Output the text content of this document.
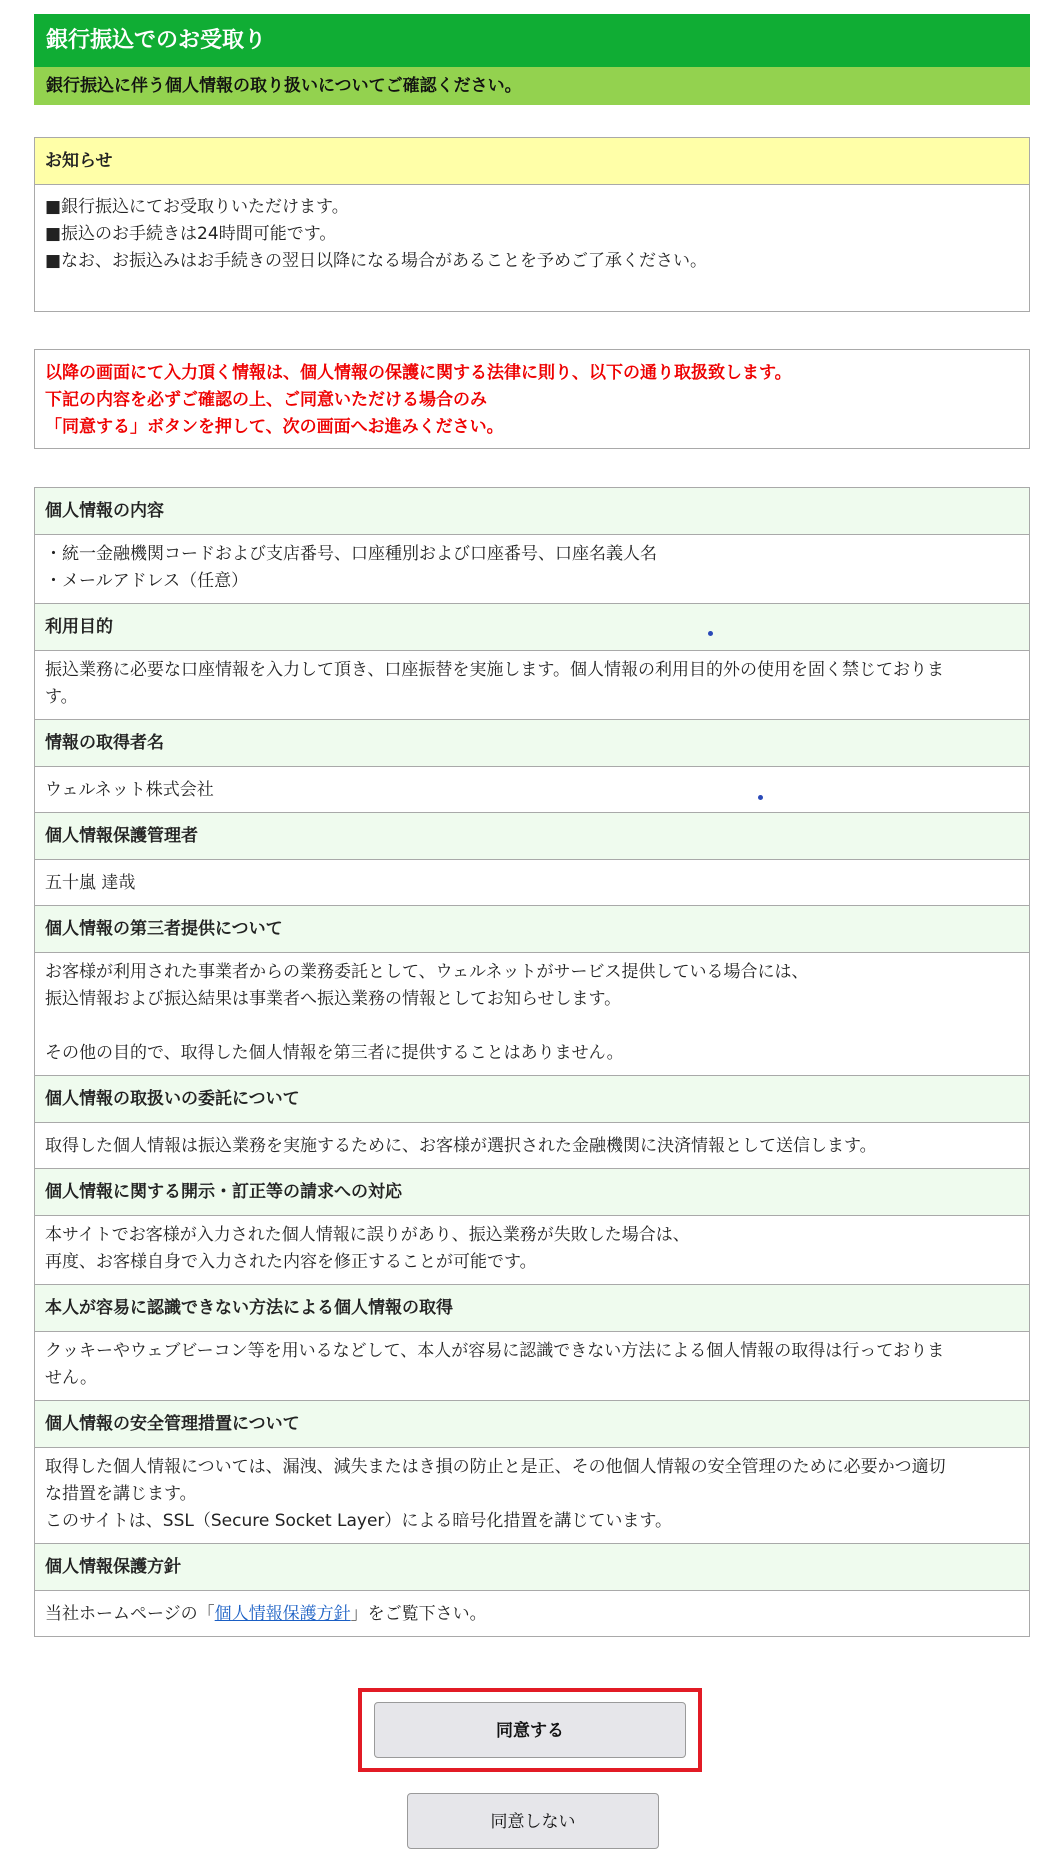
銀行振込でのお受取り
銀行振込に伴う個人情報の取り扱いについてご確認ください。
お知らせ
■銀行振込にてお受取りいただけます。
■振込のお手続きは24時間可能です。
■なお、お振込みはお手続きの翌日以降になる場合があることを予めご了承ください。
以降の画面にて入力頂く情報は、個人情報の保護に関する法律に則り、以下の通り取扱致します。
下記の内容を必ずご確認の上、ご同意いただける場合のみ
「同意する」ボタンを押して、次の画面へお進みください。
個人情報の内容
・統一金融機関コードおよび支店番号、口座種別および口座番号、口座名義人名
・メールアドレス（任意）
利用目的
振込業務に必要な口座情報を入力して頂き、口座振替を実施します。個人情報の利用目的外の使用を固く禁じておりま
す。
情報の取得者名
ウェルネット株式会社
個人情報保護管理者
五十嵐 達哉
個人情報の第三者提供について
お客様が利用された事業者からの業務委託として、ウェルネットがサービス提供している場合には、
振込情報および振込結果は事業者へ振込業務の情報としてお知らせします。
その他の目的で、取得した個人情報を第三者に提供することはありません。
個人情報の取扱いの委託について
取得した個人情報は振込業務を実施するために、お客様が選択された金融機関に決済情報として送信します。
個人情報に関する開示・訂正等の請求への対応
本サイトでお客様が入力された個人情報に誤りがあり、振込業務が失敗した場合は、
再度、お客様自身で入力された内容を修正することが可能です。
本人が容易に認識できない方法による個人情報の取得
クッキーやウェブビーコン等を用いるなどして、本人が容易に認識できない方法による個人情報の取得は行っておりま
せん。
個人情報の安全管理措置について
取得した個人情報については、漏洩、減失またはき損の防止と是正、その他個人情報の安全管理のために必要かつ適切
な措置を講じます。
このサイトは、SSL（Secure Socket Layer）による暗号化措置を講じています。
個人情報保護方針
当社ホームページの「個人情報保護方針」をご覧下さい。
同意する
同意しない
